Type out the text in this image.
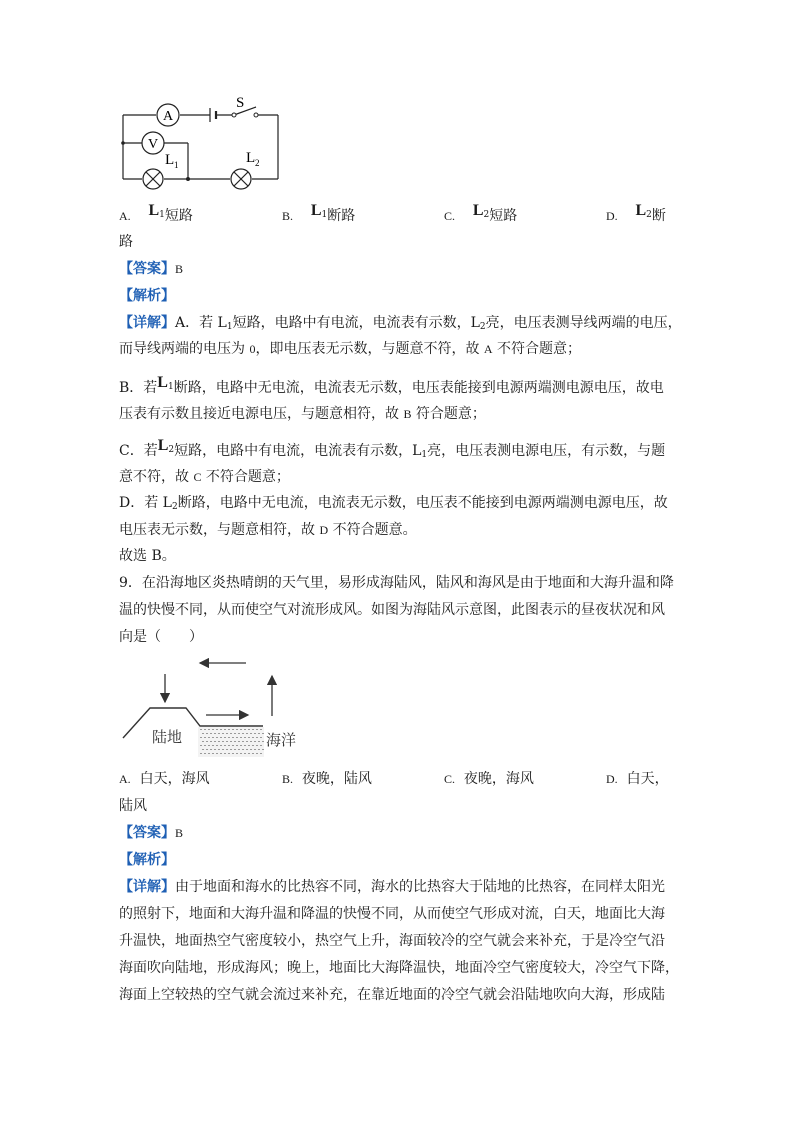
A
S
V
L 1	L 2
A. $L^1$短路	B. $L^1$断路	C. $L^2$短路	D. $L^2$断
路
【答案】B
【解析】
【详解】A．若 $L_1$短路，电路中有电流，电流表有示数，$L_2$亮，电压表测导线两端的电压，
而导线两端的电压为 0，即电压表无示数，与题意不符，故 A 不符合题意；
B．若$L^1$断路，电路中无电流，电流表无示数，电压表能接到电源两端测电源电压，故电
压表有示数且接近电源电压，与题意相符，故 B 符合题意；
C．若$L^2$短路，电路中有电流，电流表有示数，$L_1$亮，电压表测电源电压，有示数，与题
意不符，故 C 不符合题意；
D．若 $L_2$断路，电路中无电流，电流表无示数，电压表不能接到电源两端测电源电压，故
电压表无示数，与题意相符，故 D 不符合题意。
故选 B。
9．在沿海地区炎热晴朗的天气里，易形成海陆风，陆风和海风是由于地面和大海升温和降
温的快慢不同，从而使空气对流形成风。如图为海陆风示意图，此图表示的昼夜状况和风
向是（　　）
陆地	海洋
A. 白天，海风	B. 夜晚，陆风	C. 夜晚，海风	D. 白天，
陆风
【答案】B
【解析】
【详解】由于地面和海水的比热容不同，海水的比热容大于陆地的比热容，在同样太阳光
的照射下，地面和大海升温和降温的快慢不同，从而使空气形成对流，白天，地面比大海
升温快，地面热空气密度较小，热空气上升，海面较冷的空气就会来补充，于是冷空气沿
海面吹向陆地，形成海风；晚上，地面比大海降温快，地面冷空气密度较大，冷空气下降，
海面上空较热的空气就会流过来补充，在靠近地面的冷空气就会沿陆地吹向大海，形成陆
